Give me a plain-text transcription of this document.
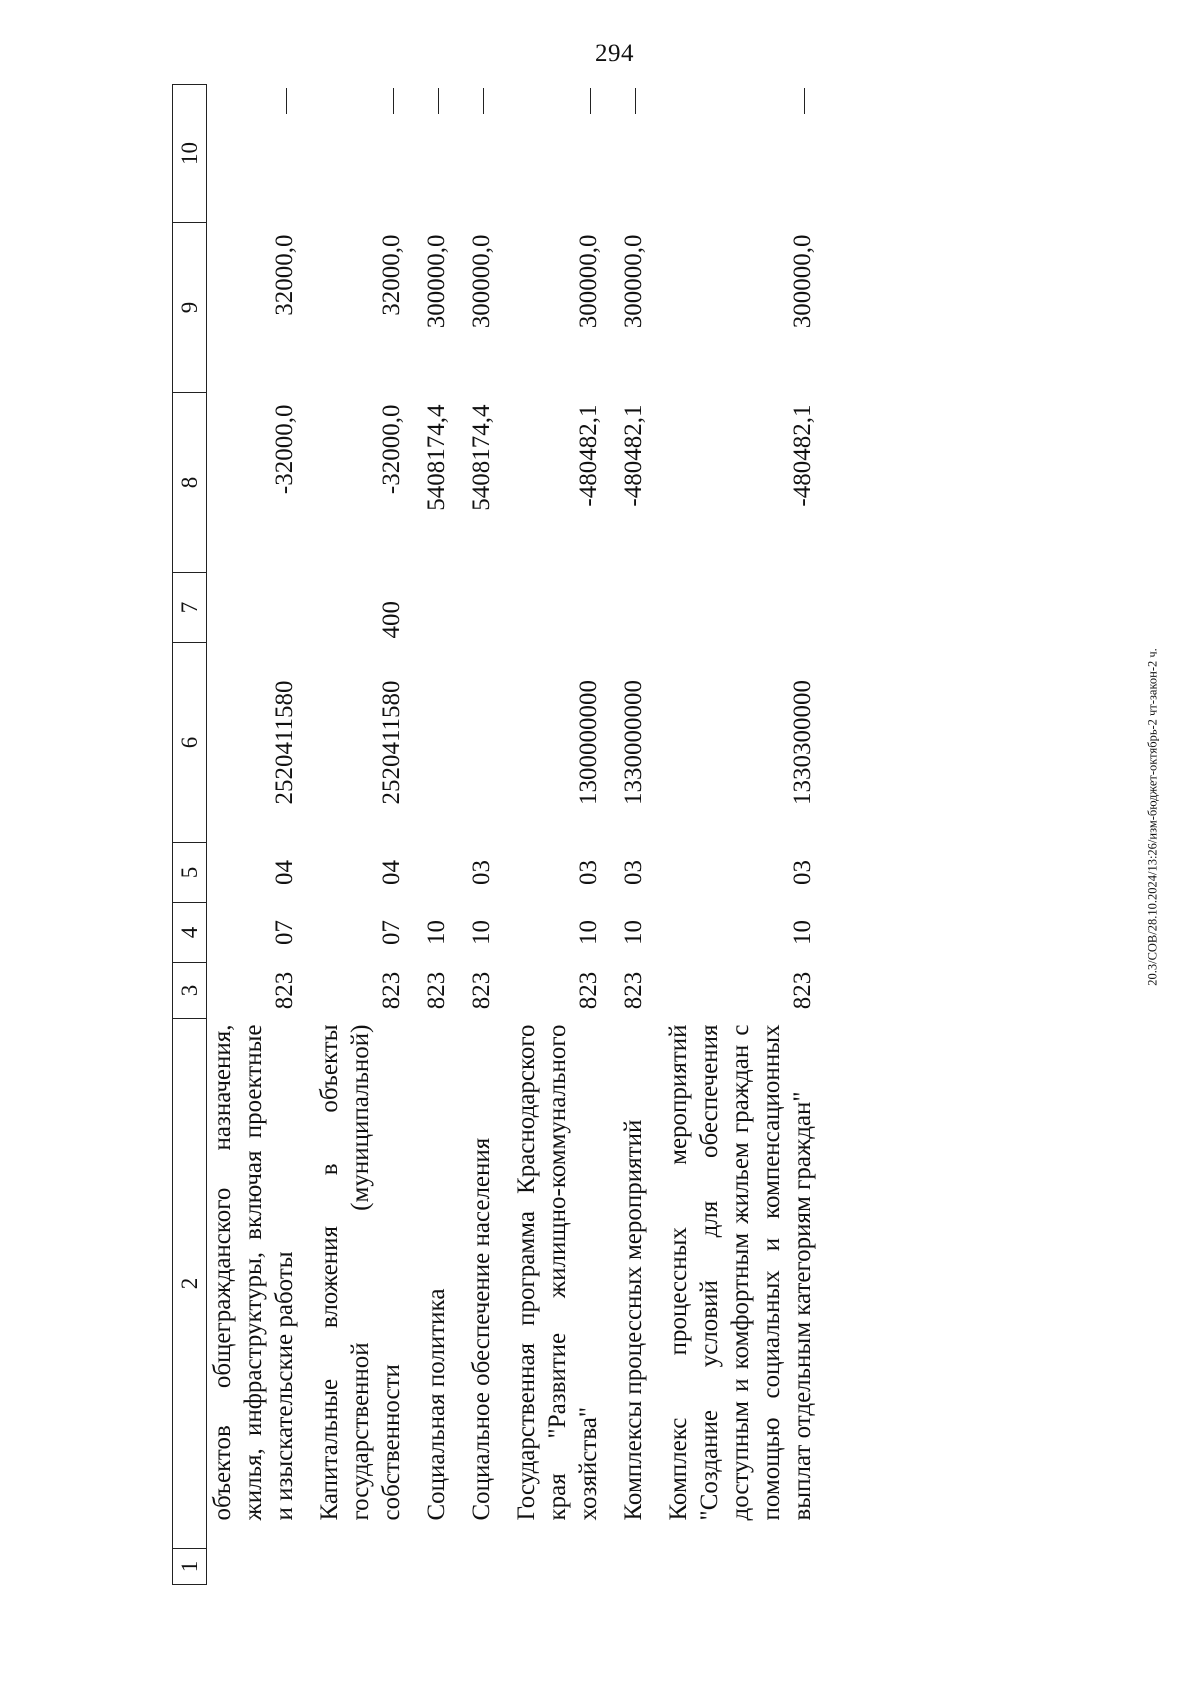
294
20.3/СОВ/28.10.2024/13:26/изм-бюджет-октябрь-2 чт-закон-2 ч.
1	2	3	4	5	6	7	8	9	10

	объектов общегражданского назначения, жилья, инфраструктуры, включая проектные и изыскательские работы	823	07	04	2520411580		-32000,0	32000,0	

	Капитальные вложения в объекты государственной (муниципальной) собственности	823	07	04	2520411580	400	-32000,0	32000,0	

	Социальная политика	823	10				5408174,4	300000,0	

	Социальное обеспечение населения	823	10	03			5408174,4	300000,0	

	Государственная программа Краснодарского края "Развитие жилищно-коммунального хозяйства"	823	10	03	1300000000		-480482,1	300000,0	

	Комплексы процессных мероприятий	823	10	03	1330000000		-480482,1	300000,0	

	Комплекс процессных мероприятий "Создание условий для обеспечения доступным и комфортным жильем граждан с помощью социальных и компенсационных выплат отдельным категориям граждан"	823	10	03	1330300000		-480482,1	300000,0	
